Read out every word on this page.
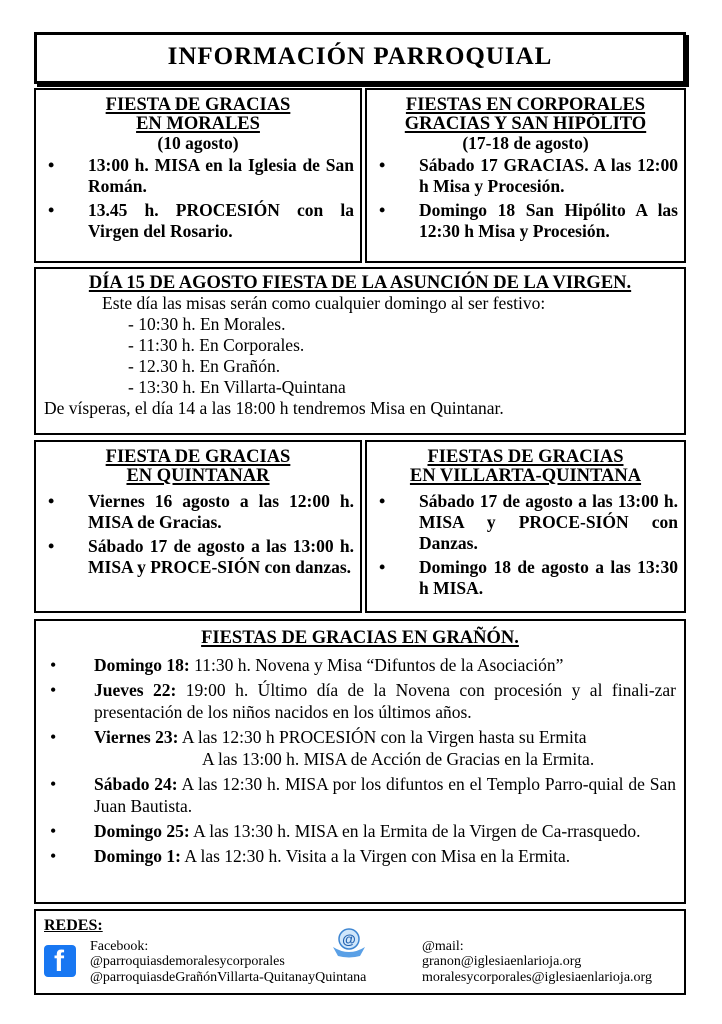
INFORMACIÓN PARROQUIAL
FIESTA DE GRACIAS
EN MORALES
(10 agosto)
• 13:00 h. MISA en la Iglesia de San Román.
• 13.45 h. PROCESIÓN con la Virgen del Rosario.
FIESTAS EN CORPORALES
GRACIAS Y SAN HIPÓLITO
(17-18 de agosto)
• Sábado 17 GRACIAS. A las 12:00 h Misa y Procesión.
• Domingo 18 San Hipólito A las 12:30 h Misa y Procesión.
DÍA 15 DE AGOSTO FIESTA DE LA ASUNCIÓN DE LA VIRGEN.
Este día las misas serán como cualquier domingo al ser festivo:
- 10:30 h. En Morales.
- 11:30 h. En Corporales.
- 12.30 h. En Grañón.
- 13:30 h. En Villarta-Quintana
De vísperas, el día 14 a las 18:00 h tendremos Misa en Quintanar.
FIESTA DE GRACIAS
EN QUINTANAR
• Viernes 16 agosto a las 12:00 h. MISA de Gracias.
• Sábado 17 de agosto a las 13:00 h. MISA y PROCE-SIÓN con danzas.
FIESTAS DE GRACIAS
EN VILLARTA-QUINTANA
• Sábado 17 de agosto a las 13:00 h. MISA y PROCE-SIÓN con Danzas.
• Domingo 18 de agosto a las 13:30 h MISA.
FIESTAS DE GRACIAS EN GRAÑÓN.
• Domingo 18: 11:30 h. Novena y Misa “Difuntos de la Asociación”
• Jueves 22: 19:00 h. Último día de la Novena con procesión y al finali-zar presentación de los niños nacidos en los últimos años.
• Viernes 23: A las 12:30 h PROCESIÓN con la Virgen hasta su Ermita
A las 13:00 h. MISA de Acción de Gracias en la Ermita.
• Sábado 24: A las 12:30 h. MISA por los difuntos en el Templo Parro-quial de San Juan Bautista.
• Domingo 25: A las 13:30 h. MISA en la Ermita de la Virgen de Ca-rrasquedo.
• Domingo 1: A las 12:30 h. Visita a la Virgen con Misa en la Ermita.
REDES:
f Facebook:
@parroquiasdemoralesycorporales
@parroquiasdeGrañónVillarta-QuitanayQuintana
@	@mail:
granon@iglesiaenlarioja.org
moralesycorporales@iglesiaenlarioja.org
